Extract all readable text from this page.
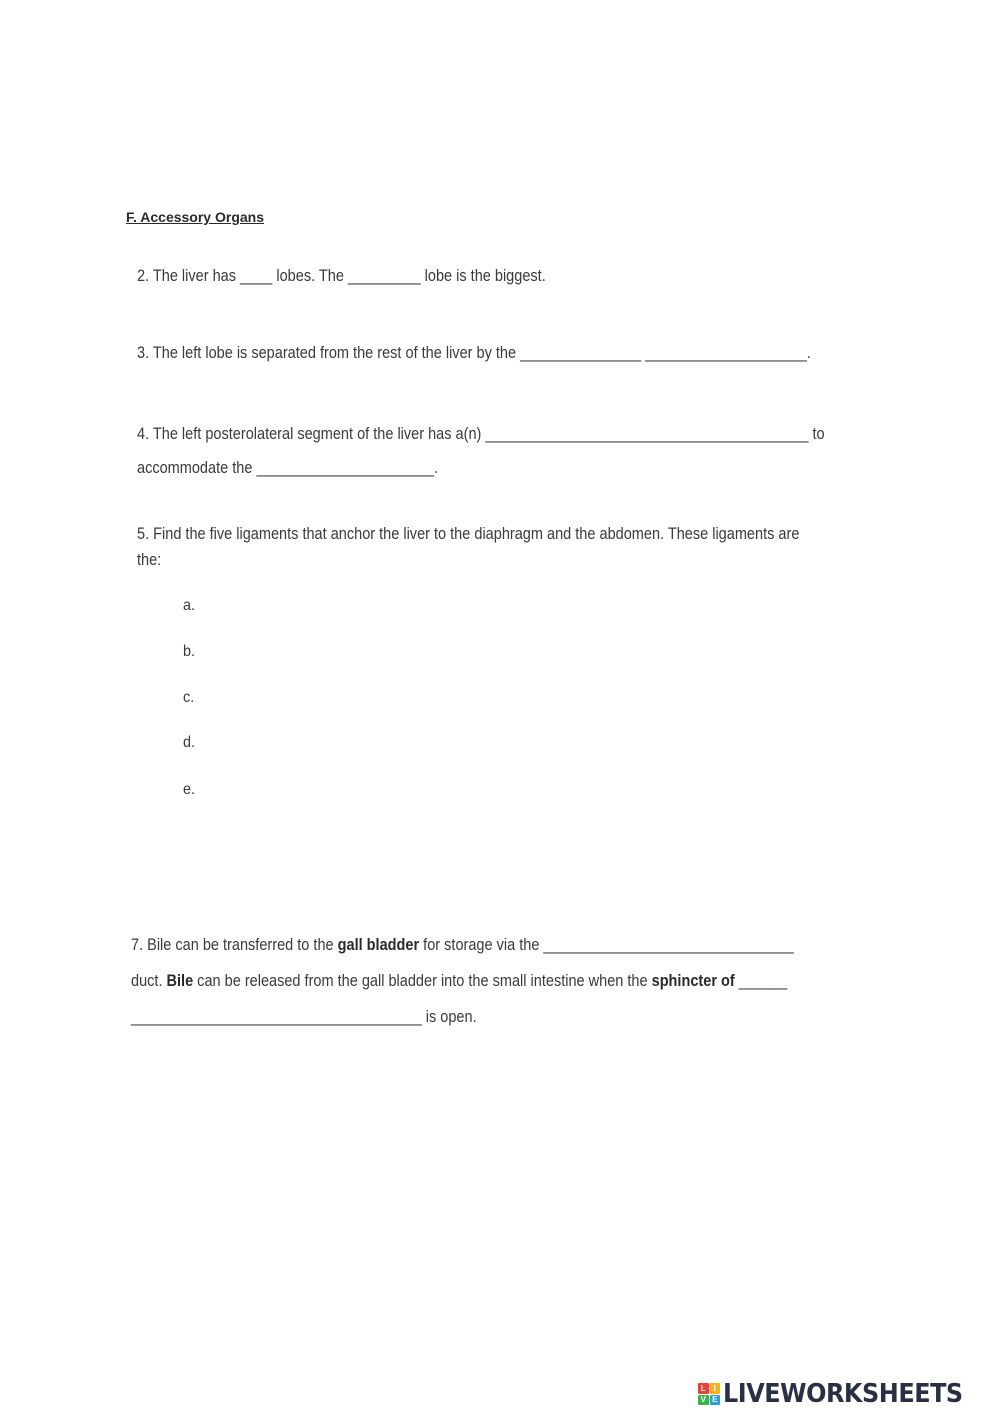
F. Accessory Organs
2. The liver has ____ lobes. The _________ lobe is the biggest.
3. The left lobe is separated from the rest of the liver by the _______________ ____________________.
4. The left posterolateral segment of the liver has a(n) ________________________________________ to
accommodate the ______________________.
5. Find the five ligaments that anchor the liver to the diaphragm and the abdomen. These ligaments are
the:
a.
b.
c.
d.
e.
7. Bile can be transferred to the gall bladder for storage via the _______________________________
duct. Bile can be released from the gall bladder into the small intestine when the sphincter of ______
____________________________________ is open.
L I
V E LIVEWORKSHEETS
